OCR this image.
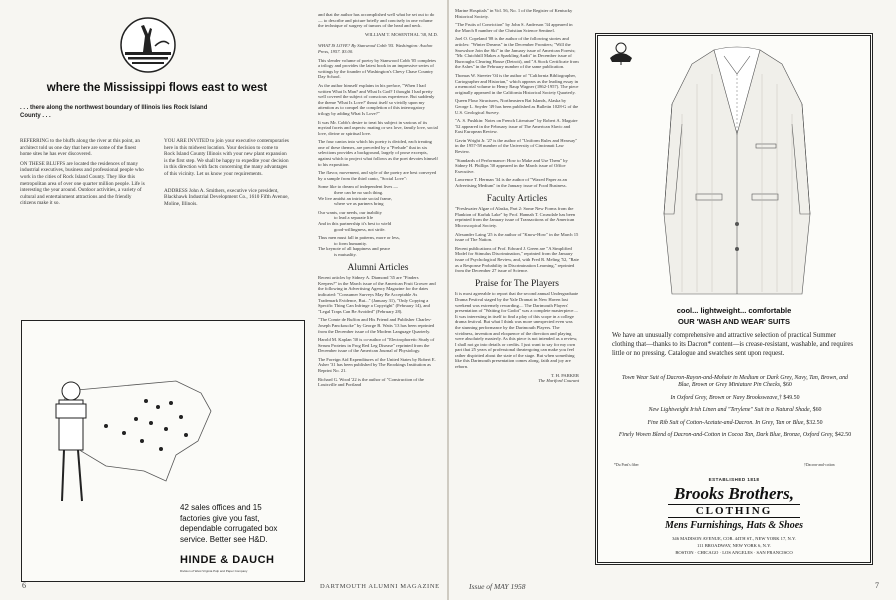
where the Mississippi flows east to west
. . . there along the northwest boundary of Illinois lies Rock Island County . . .

REFERRING to the bluffs along the river at this point, an architect told us one day that here are some of the finest home sites he has ever discovered.

ON THESE BLUFFS are located the residences of many industrial executives, business and professional people who work in the cities of Rock Island County. They like this metropolitan area of over one quarter million people. Life is interesting the year around. Outdoor activities, a variety of cultural and entertainment attractions and the friendly citizens make it so.

YOU ARE INVITED to join your executive contemporaries here in this midwest location. Your decision to come to Rock Island County Illinois with your new plant expansion is the first step. We shall be happy to expedite your decision in this direction with facts concerning the many advantages of this vicinity. Let us know your requirements.

ADDRESS John A. Smithers, executive vice president, Blackhawk Industrial Development Co., 1610 Fifth Avenue, Moline, Illinois.

42 sales offices and 15 factories give you fast, dependable corrugated box service. Better see H&D.
HINDE & DAUCH
Division of West Virginia Pulp and Paper Company
6

and that the author has accomplished well what he set out to do — to describe and picture briefly and concisely in one volume the technique of surgery of tumors of the head and neck.

WILLIAM T. MOSENTHAL '38, M.D.

WHAT IS LOVE? By Stanwood Cobb '05. Washington: Avalon Press, 1957. $3.00.

This slender volume of poetry by Stanwood Cobb '05 completes a trilogy and provides the latest book in an impressive series of writings by the founder of Washington's Chevy Chase Country Day School.

As the author himself explains in his preface, "When I had written What Is Man? and What Is God? I thought I had pretty well covered the subject of conscious experience. But suddenly the theme 'What Is Love?' thrust itself so vividly upon my attention as to compel the completion of this interrogatory trilogy by adding What Is Love?"

It was Mr. Cobb's desire to treat his subject in various of its myriad facets and aspects: mating or sex love, family love, social love, divine or spiritual love.

The four cantos into which his poetry is divided, each treating one of these themes, are preceded by a "Prelude" that in six selections provides a background, largely of prose excerpts, against which to project what follows as the poet devotes himself to his exposition.

The flavor, movement, and style of the poetry are best conveyed by a sample from the third canto, "Social Love":

Some like to dream of independent lives —
there can be no such thing.
We live amidst an intricate social frame,
where we as partners bring
Our wants, our needs, our inability
to lead a separate life
And in this partnership it's best to wield
good-willingness, not strife.
Thus men must fall in patterns, more or less,
to form humanity.
The keynote of all happiness and peace
is mutuality.
Alumni Articles

Recent articles by Sidney A. Diamond '35 are "Finders Keepers?" in the March issue of the American Fruit Grower and the following in Advertising Agency Magazine for the dates indicated: "Consumer Surveys May Be Acceptable As Trademark Evidence, But..." (January 31), "Only Copying a Specific Thing Can Infringe a Copyright" (February 14), and "Legal Traps Can Be Avoided" (February 28).

"The Comte de Buffon and His Friend and Publisher Charles-Joseph Panckoucke" by George B. Watts '13 has been reprinted from the December issue of the Modern Language Quarterly.

Harold M. Kaplan '30 is co-author of "Electrophoretic Study of Serum Proteins in Frog Red Leg Disease" reprinted from the December issue of the American Journal of Physiology.

The Foreign Aid Expenditures of the United States by Robert E. Asher '31 has been published by The Brookings Institution as Reprint No. 21.

Richard G. Wood '22 is the author of "Construction of the Louisville and Portland

DARTMOUTH ALUMNI MAGAZINE

Marine Hospitals" in Vol. 56, No. 1 of the Register of Kentucky Historical Society.

"The Fruits of Conviction" by John S. Anderson '34 appeared in the March 8 number of the Christian Science Sentinel.

Joel O. Copeland '08 is the author of the following stories and articles: "Winter Dreams" in the December Frontiers; "Will the Snowshoe Join the Ski" in the January issue of American Forests; "Mr. Clutchhill Makes a Sparkling Audit" in December issue of Burroughs Clearing House (Detroit), and "A Stock Certificate from the Ashes" in the February number of the same publication.

Thomas W. Streeter '04 is the author of "California Bibliographer, Cartographer and Historian," which appears as the leading essay in a memorial volume to Henry Raup Wagner (1862-1957). The piece originally appeared in the California Historical Society Quarterly.

Queen Flour Structures, Northeastern Bat Islands, Alaska by George L. Snyder '49 has been published as Bulletin 1028-G of the U.S. Geological Survey.

"A. S. Pushkin: Notes on French Literature" by Robert A. Maguire '52 appeared in the February issue of The American Slavic and East European Review.

Gavin Wright Jr. '27 is the author of "Uniform Rules and Hearsay" in the 1957-58 number of the University of Cincinnati Law Review.

"Standards of Performance: How to Make and Use Them" by Sidney H. Phillips '30 appeared in the March issue of Office Executive.

Lawrence T. Herman '34 is the author of "Waxed Paper as an Advertising Medium" in the January issue of Food Business.

Faculty Articles

"Freshwater Algae of Alaska, Part 2: Some New Forms from the Plankton of Karluk Lake" by Prof. Hannah T. Croasdale has been reprinted from the January issue of Transactions of the American Microscopical Society.

Alexander Laing '25 is the author of "Know-How" in the March 15 issue of The Nation.

Recent publications of Prof. Edward J. Green are "A Simplified Model for Stimulus Discrimination," reprinted from the January issue of Psychological Review, and, with Fred R. Meling '52, "Rate as a Response Probability in Discrimination Learning," reprinted from the December 27 issue of Science.

Praise for The Players

It is most agreeable to report that the second annual Undergraduate Drama Festival staged by the Yale Dramat in New Haven last weekend was extremely rewarding.... The Dartmouth Players' presentation of "Waiting for Godot" was a complete masterpiece.... It was interesting in itself to find a play of this scope in a college drama festival. But what I think was more unexpected even was the stunning performance by the Dartmouth Players. The vividness, invention and eloquence of the direction and playing were absolutely masterly. As this piece is not intended as a review, I shall not go into details or credits. I just want to say for my own part that 25 years of professional theatergoing can make you feel rather dispirited about the state of the stage. But when something like this Dartmouth presentation comes along, faith and joy are reborn.

T. H. PARKER
The Hartford Courant
Issue of MAY 1958
cool... lightweight... comfortable
OUR 'WASH AND WEAR' SUITS
We have an unusually comprehensive and attractive selection of practical Summer clothing that—thanks to its Dacron* content—is crease-resistant, washable, and requires little or no pressing. Catalogue and swatches sent upon request.
Town Wear Suit of Dacron-Rayon-and-Mohair in Medium or Dark Grey, Navy, Tan, Brown, and Blue, Brown or Grey Miniature Pin Checks, $60
In Oxford Grey, Brown or Navy Brooksweave,† $49.50
New Lightweight Irish Linen and "Terylene" Suit in a Natural Shade, $60
Fine Rib Suit of Cotton-Acetate-and-Dacron. In Grey, Tan or Blue, $32.50
Finely Woven Blend of Dacron-and-Cotton in Cocoa Tan, Dark Blue, Bronze, Oxford Grey, $42.50
*Du Pont's fiber	†Dacron-and-cotton
ESTABLISHED 1818
Brooks Brothers,
CLOTHING
Mens Furnishings, Hats & Shoes
346 MADISON AVENUE, COR. 44TH ST., NEW YORK 17, N.Y.
111 BROADWAY, NEW YORK 6, N.Y.
BOSTON · CHICAGO · LOS ANGELES · SAN FRANCISCO
7
